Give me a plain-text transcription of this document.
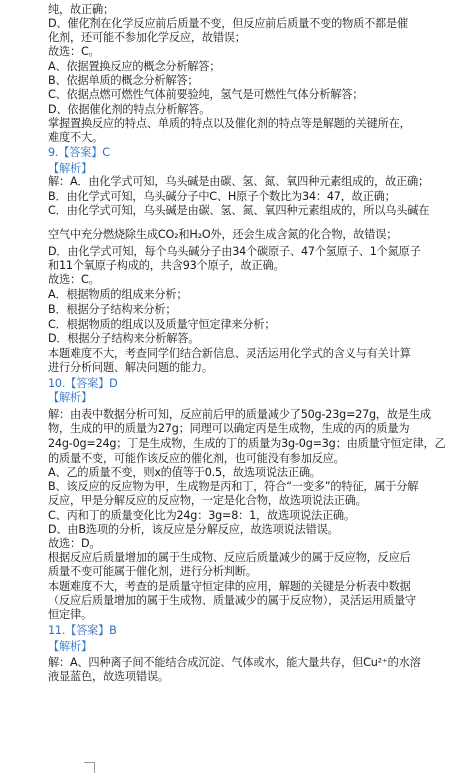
纯，故正确；
D、催化剂在化学反应前后质量不变，但反应前后质量不变的物质不都是催
化剂，还可能不参加化学反应，故错误；
故选：C。
A、依据置换反应的概念分析解答；
B、依据单质的概念分析解答；
C、依据点燃可燃性气体前要验纯，氢气是可燃性气体分析解答；
D、依据催化剂的特点分析解答。
掌握置换反应的特点、单质的特点以及催化剂的特点等是解题的关键所在，
难度不大。
9.【答案】C
【解析】
解：A．由化学式可知，乌头碱是由碳、氢、氮、氧四种元素组成的，故正确；
B．由化学式可知，乌头碱分子中C、H原子个数比为34：47，故正确；
C．由化学式可知，乌头碱是由碳、氢、氮、氧四种元素组成的，所以乌头碱在
空气中充分燃烧除生成CO₂和H₂O外，还会生成含氮的化合物，故错误；
D．由化学式可知，每个乌头碱分子由34个碳原子、47个氢原子、1个氮原子
和11个氧原子构成的，共含93个原子，故正确。
故选：C。
A．根据物质的组成来分析；
B．根据分子结构来分析；
C．根据物质的组成以及质量守恒定律来分析；
D．根据分子结构来分析解答。
本题难度不大，考查同学们结合新信息、灵活运用化学式的含义与有关计算
进行分析问题、解决问题的能力。
10.【答案】D
【解析】
解：由表中数据分析可知，反应前后甲的质量减少了50g-23g=27g，故是生成
物，生成的甲的质量为27g；同理可以确定丙是生成物，生成的丙的质量为
24g-0g=24g；丁是生成物，生成的丁的质量为3g-0g=3g；由质量守恒定律，乙
的质量不变，可能作该反应的催化剂，也可能没有参加反应。
A、乙的质量不变，则x的值等于0.5，故选项说法正确。
B、该反应的反应物为甲，生成物是丙和丁，符合“一变多”的特征，属于分解
反应，甲是分解反应的反应物，一定是化合物，故选项说法正确。
C、丙和丁的质量变化比为24g：3g=8：1，故选项说法正确。
D、由B选项的分析，该反应是分解反应，故选项说法错误。
故选：D。
根据反应后质量增加的属于生成物、反应后质量减少的属于反应物，反应后
质量不变可能属于催化剂，进行分析判断。
本题难度不大，考查的是质量守恒定律的应用，解题的关键是分析表中数据
（反应后质量增加的属于生成物、质量减少的属于反应物），灵活运用质量守
恒定律。
11.【答案】B
【解析】
解：A、四种离子间不能结合成沉淀、气体或水，能大量共存，但Cu²⁺的水溶
液显蓝色，故选项错误。
